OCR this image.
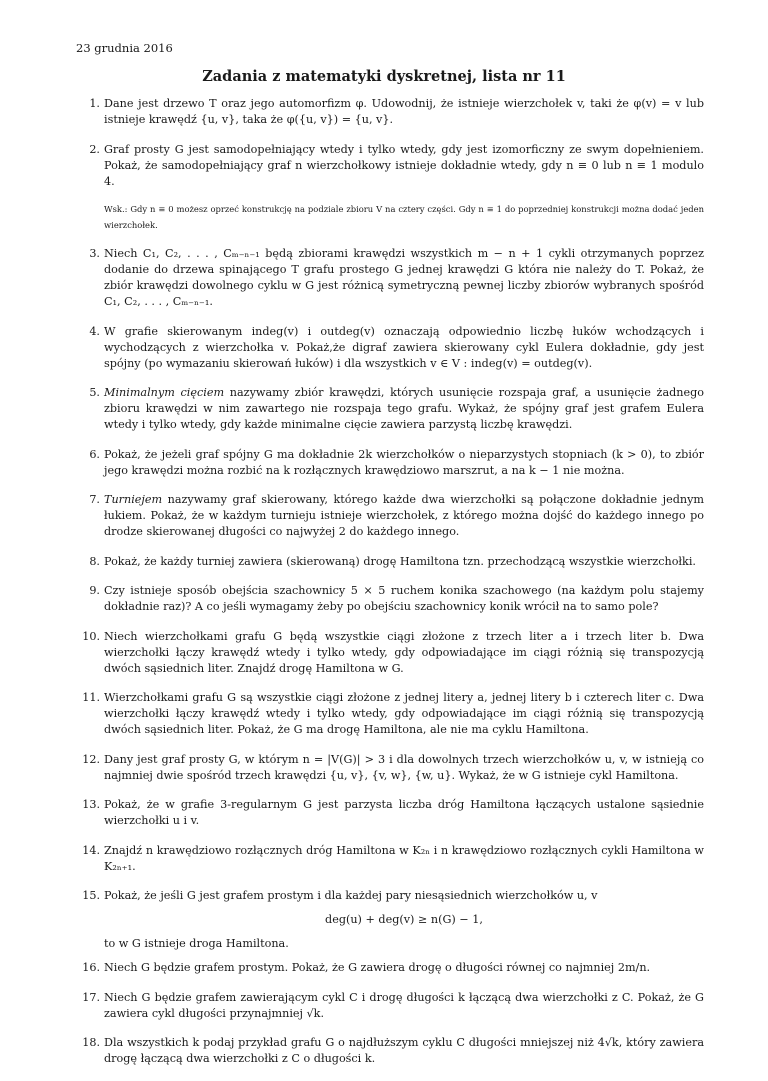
23 grudnia 2016
Zadania z matematyki dyskretnej, lista nr 11
1. Dane jest drzewo T oraz jego automorfizm φ. Udowodnij, że istnieje wierzchołek v, taki że φ(v) = v lub istnieje krawędź {u, v}, taka że φ({u, v}) = {u, v}.
2. Graf prosty G jest samodopełniający wtedy i tylko wtedy, gdy jest izomorficzny ze swym dopełnieniem. Pokaż, że samodopełniający graf n wierzchołkowy istnieje dokładnie wtedy, gdy n ≡ 0 lub n ≡ 1 modulo 4.
Wsk.: Gdy n ≡ 0 możesz oprzeć konstrukcję na podziale zbioru V na cztery części. Gdy n ≡ 1 do poprzedniej konstrukcji można dodać jeden wierzchołek.
3. Niech C₁, C₂, . . . , Cₘ₋ₙ₋₁ będą zbiorami krawędzi wszystkich m − n + 1 cykli otrzymanych poprzez dodanie do drzewa spinającego T grafu prostego G jednej krawędzi G która nie należy do T. Pokaż, że zbiór krawędzi dowolnego cyklu w G jest różnicą symetryczną pewnej liczby zbiorów wybranych spośród C₁, C₂, . . . , Cₘ₋ₙ₋₁.
4. W grafie skierowanym indeg(v) i outdeg(v) oznaczają odpowiednio liczbę łuków wchodzących i wychodzących z wierzchołka v. Pokaż,że digraf zawiera skierowany cykl Eulera dokładnie, gdy jest spójny (po wymazaniu skierowań łuków) i dla wszystkich v ∈ V : indeg(v) = outdeg(v).
5. Minimalnym cięciem nazywamy zbiór krawędzi, których usunięcie rozspaja graf, a usunięcie żadnego zbioru krawędzi w nim zawartego nie rozspaja tego grafu. Wykaż, że spójny graf jest grafem Eulera wtedy i tylko wtedy, gdy każde minimalne cięcie zawiera parzystą liczbę krawędzi.
6. Pokaż, że jeżeli graf spójny G ma dokładnie 2k wierzchołków o nieparzystych stopniach (k > 0), to zbiór jego krawędzi można rozbić na k rozłącznych krawędziowo marszrut, a na k − 1 nie można.
7. Turniejem nazywamy graf skierowany, którego każde dwa wierzchołki są połączone dokładnie jednym łukiem. Pokaż, że w każdym turnieju istnieje wierzchołek, z którego można dojść do każdego innego po drodze skierowanej długości co najwyżej 2 do każdego innego.
8. Pokaż, że każdy turniej zawiera (skierowaną) drogę Hamiltona tzn. przechodzącą wszystkie wierzchołki.
9. Czy istnieje sposób obejścia szachownicy 5 × 5 ruchem konika szachowego (na każdym polu stajemy dokładnie raz)? A co jeśli wymagamy żeby po obejściu szachownicy konik wrócił na to samo pole?
10. Niech wierzchołkami grafu G będą wszystkie ciągi złożone z trzech liter a i trzech liter b. Dwa wierzchołki łączy krawędź wtedy i tylko wtedy, gdy odpowiadające im ciągi różnią się transpozycją dwóch sąsiednich liter. Znajdź drogę Hamiltona w G.
11. Wierzchołkami grafu G są wszystkie ciągi złożone z jednej litery a, jednej litery b i czterech liter c. Dwa wierzchołki łączy krawędź wtedy i tylko wtedy, gdy odpowiadające im ciągi różnią się transpozycją dwóch sąsiednich liter. Pokaż, że G ma drogę Hamiltona, ale nie ma cyklu Hamiltona.
12. Dany jest graf prosty G, w którym n = |V(G)| > 3 i dla dowolnych trzech wierzchołków u, v, w istnieją co najmniej dwie spośród trzech krawędzi {u, v}, {v, w}, {w, u}. Wykaż, że w G istnieje cykl Hamiltona.
13. Pokaż, że w grafie 3-regularnym G jest parzysta liczba dróg Hamiltona łączących ustalone sąsiednie wierzchołki u i v.
14. Znajdź n krawędziowo rozłącznych dróg Hamiltona w K₂ₙ i n krawędziowo rozłącznych cykli Hamiltona w K₂ₙ₊₁.
15. Pokaż, że jeśli G jest grafem prostym i dla każdej pary niesąsiednich wierzchołków u, v
deg(u) + deg(v) ≥ n(G) − 1,
to w G istnieje droga Hamiltona.
16. Niech G będzie grafem prostym. Pokaż, że G zawiera drogę o długości równej co najmniej 2m/n.
17. Niech G będzie grafem zawierającym cykl C i drogę długości k łączącą dwa wierzchołki z C. Pokaż, że G zawiera cykl długości przynajmniej √k.
18. Dla wszystkich k podaj przykład grafu G o najdłuższym cyklu C długości mniejszej niż 4√k, który zawiera drogę łączącą dwa wierzchołki z C o długości k.
